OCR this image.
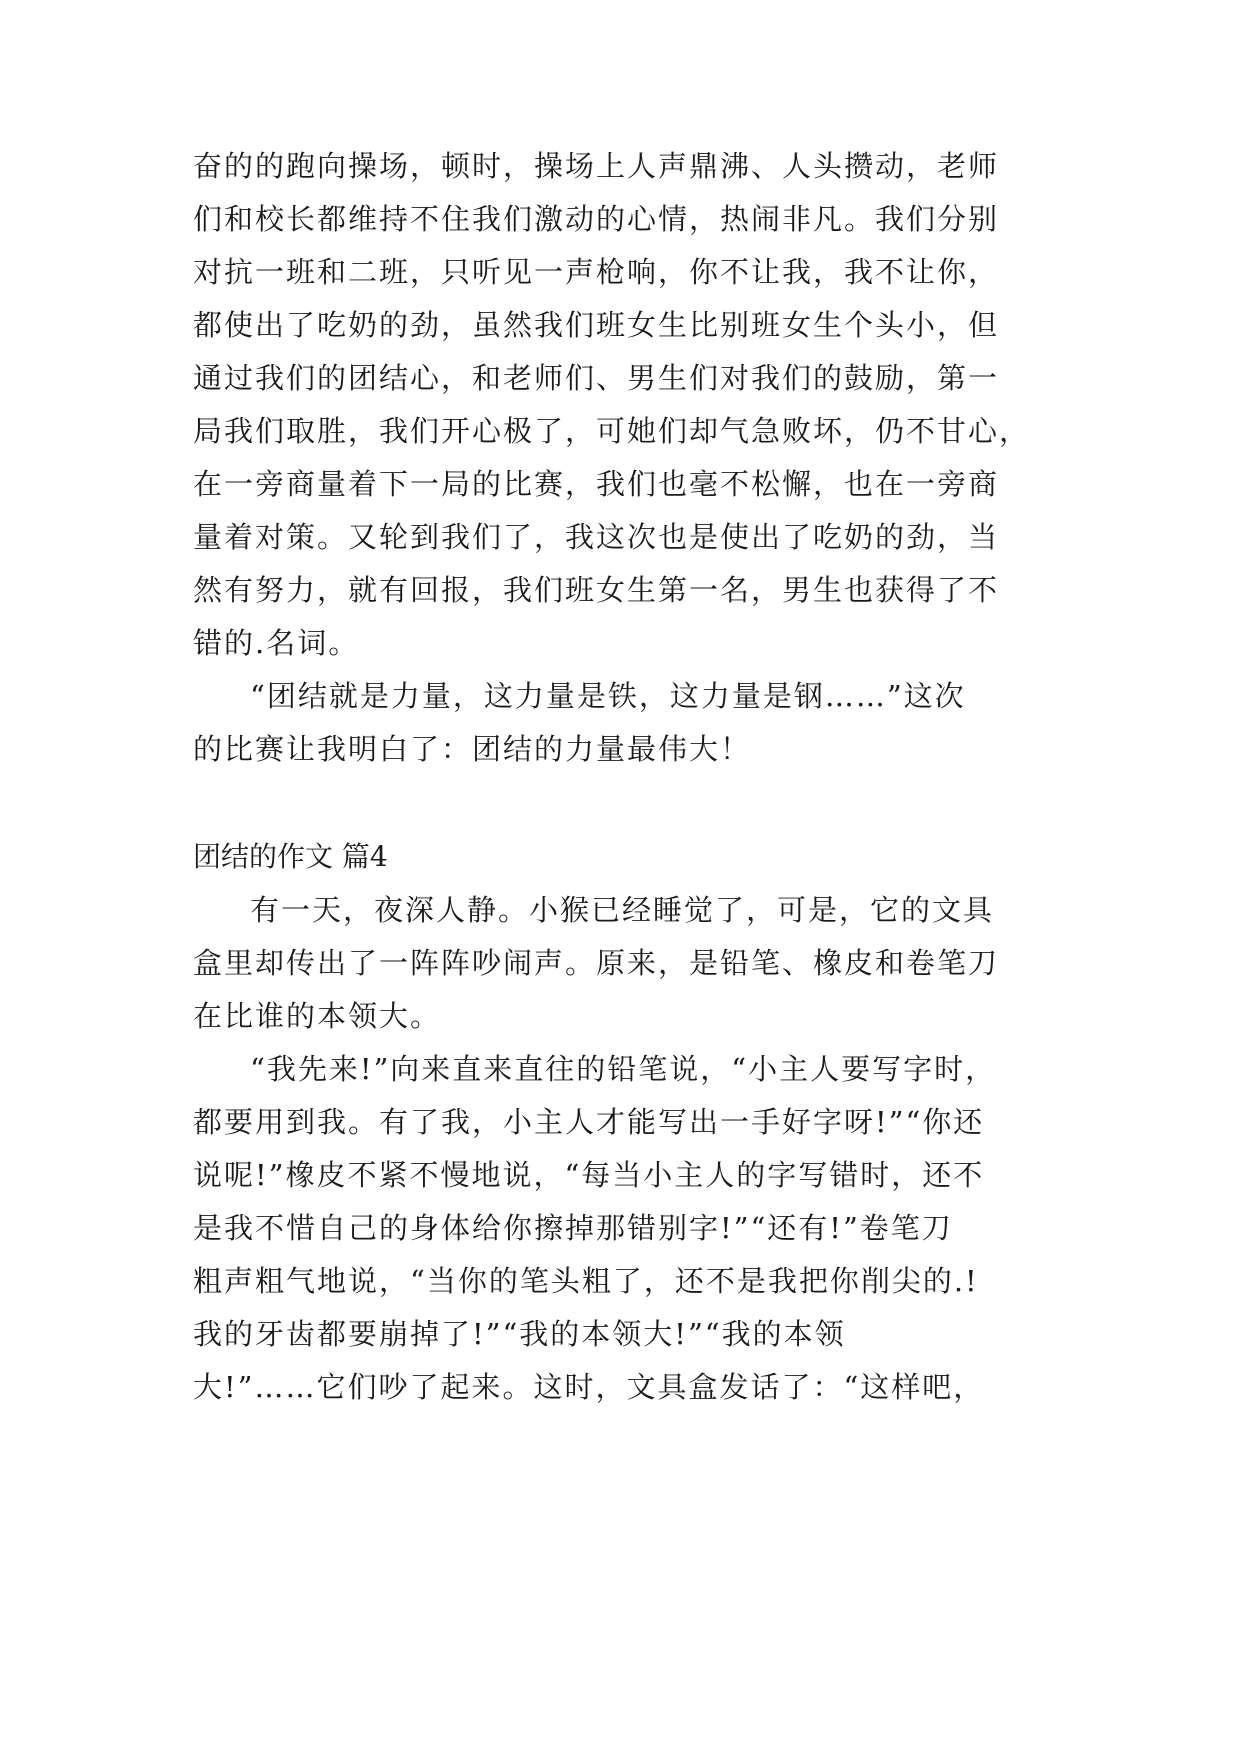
奋的的跑向操场，顿时，操场上人声鼎沸、人头攒动，老师
们和校长都维持不住我们激动的心情，热闹非凡。我们分别
对抗一班和二班，只听见一声枪响，你不让我，我不让你，
都使出了吃奶的劲，虽然我们班女生比别班女生个头小，但
通过我们的团结心，和老师们、男生们对我们的鼓励，第一
局我们取胜，我们开心极了，可她们却气急败坏，仍不甘心，
在一旁商量着下一局的比赛，我们也毫不松懈，也在一旁商
量着对策。又轮到我们了，我这次也是使出了吃奶的劲，当
然有努力，就有回报，我们班女生第一名，男生也获得了不
错的.名词。
“团结就是力量，这力量是铁，这力量是钢……”这次
的比赛让我明白了：团结的力量最伟大！
团结的作文 篇4
有一天，夜深人静。小猴已经睡觉了，可是，它的文具
盒里却传出了一阵阵吵闹声。原来，是铅笔、橡皮和卷笔刀
在比谁的本领大。
“我先来!”向来直来直往的铅笔说，“小主人要写字时，
都要用到我。有了我，小主人才能写出一手好字呀!”“你还
说呢!”橡皮不紧不慢地说，“每当小主人的字写错时，还不
是我不惜自己的身体给你擦掉那错别字!”“还有!”卷笔刀
粗声粗气地说，“当你的笔头粗了，还不是我把你削尖的.!
我的牙齿都要崩掉了!”“我的本领大!”“我的本领
大!”……它们吵了起来。这时，文具盒发话了：“这样吧，
